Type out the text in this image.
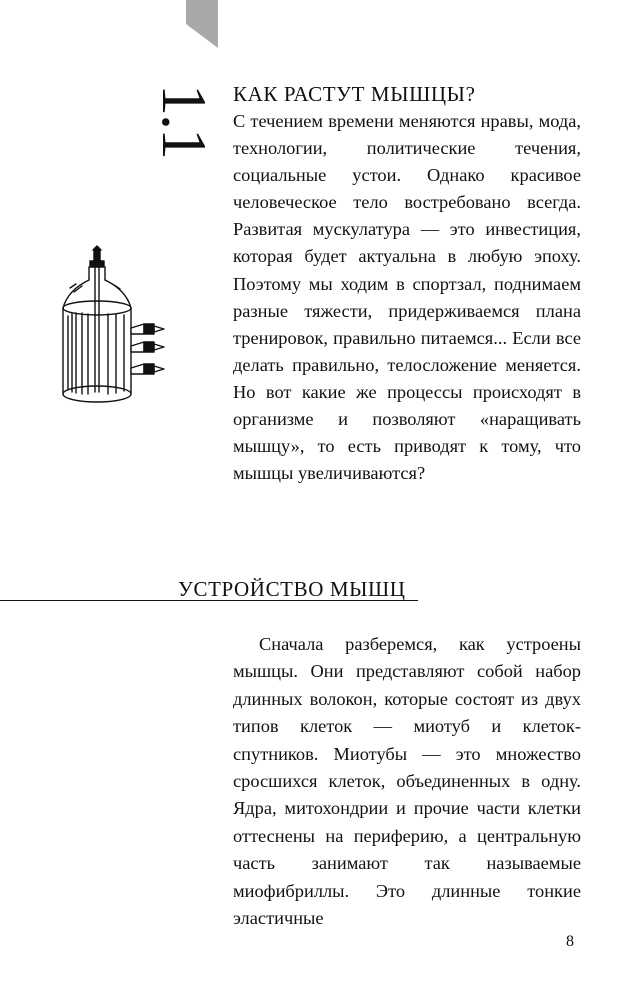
1.1 КАК РАСТУТ МЫШЦЫ?

С течением времени меняются нравы, мода, технологии, политические течения, социальные устои. Однако красивое человеческое тело востребовано всегда. Развитая мускулатура — это инвестиция, которая будет актуальна в любую эпоху. Поэтому мы ходим в спортзал, поднимаем разные тяжести, придерживаемся плана тренировок, правильно питаемся... Если все делать правильно, телосложение меняется. Но вот какие же процессы происходят в организме и позволяют «наращивать мышцу», то есть приводят к тому, что мышцы увеличиваются?

УСТРОЙСТВО МЫШЦ

Сначала разберемся, как устроены мышцы. Они представляют собой набор длинных волокон, которые состоят из двух типов клеток — миотуб и клеток-спутников. Миотубы — это множество сросшихся клеток, объединенных в одну. Ядра, митохондрии и прочие части клетки оттеснены на периферию, а центральную часть занимают так называемые миофибриллы. Это длинные тонкие эластичные

8
